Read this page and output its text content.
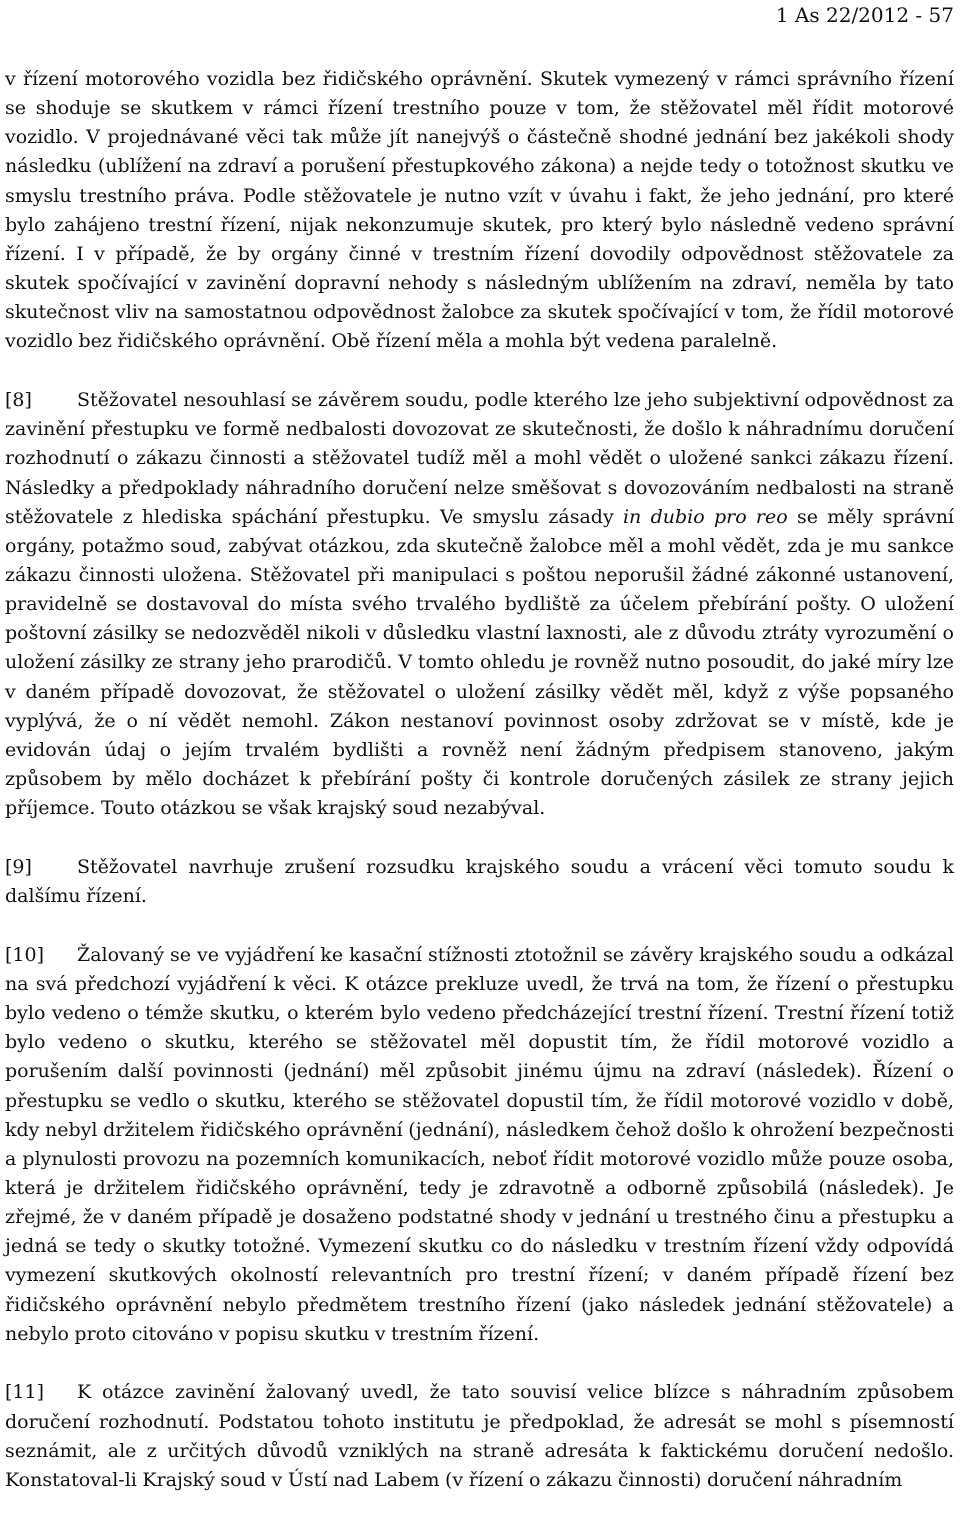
1 As 22/2012 - 57

v řízení motorového vozidla bez řidičského oprávnění. Skutek vymezený v rámci správního řízení se shoduje se skutkem v rámci řízení trestního pouze v tom, že stěžovatel měl řídit motorové vozidlo. V projednávané věci tak může jít nanejvýš o částečně shodné jednání bez jakékoli shody následku (ublížení na zdraví a porušení přestupkového zákona) a nejde tedy o totožnost skutku ve smyslu trestního práva. Podle stěžovatele je nutno vzít v úvahu i fakt, že jeho jednání, pro které bylo zahájeno trestní řízení, nijak nekonzumuje skutek, pro který bylo následně vedeno správní řízení. I v případě, že by orgány činné v trestním řízení dovodily odpovědnost stěžovatele za skutek spočívající v zavinění dopravní nehody s následným ublížením na zdraví, neměla by tato skutečnost vliv na samostatnou odpovědnost žalobce za skutek spočívající v tom, že řídil motorové vozidlo bez řidičského oprávnění. Obě řízení měla a mohla být vedena paralelně.

[8] Stěžovatel nesouhlasí se závěrem soudu, podle kterého lze jeho subjektivní odpovědnost za zavinění přestupku ve formě nedbalosti dovozovat ze skutečnosti, že došlo k náhradnímu doručení rozhodnutí o zákazu činnosti a stěžovatel tudíž měl a mohl vědět o uložené sankci zákazu řízení. Následky a předpoklady náhradního doručení nelze směšovat s dovozováním nedbalosti na straně stěžovatele z hlediska spáchání přestupku. Ve smyslu zásady in dubio pro reo se měly správní orgány, potažmo soud, zabývat otázkou, zda skutečně žalobce měl a mohl vědět, zda je mu sankce zákazu činnosti uložena. Stěžovatel při manipulaci s poštou neporušil žádné zákonné ustanovení, pravidelně se dostavoval do místa svého trvalého bydliště za účelem přebírání pošty. O uložení poštovní zásilky se nedozvěděl nikoli v důsledku vlastní laxnosti, ale z důvodu ztráty vyrozumění o uložení zásilky ze strany jeho prarodičů. V tomto ohledu je rovněž nutno posoudit, do jaké míry lze v daném případě dovozovat, že stěžovatel o uložení zásilky vědět měl, když z výše popsaného vyplývá, že o ní vědět nemohl. Zákon nestanoví povinnost osoby zdržovat se v místě, kde je evidován údaj o jejím trvalém bydlišti a rovněž není žádným předpisem stanoveno, jakým způsobem by mělo docházet k přebírání pošty či kontrole doručených zásilek ze strany jejich příjemce. Touto otázkou se však krajský soud nezabýval.

[9] Stěžovatel navrhuje zrušení rozsudku krajského soudu a vrácení věci tomuto soudu k dalšímu řízení.

[10] Žalovaný se ve vyjádření ke kasační stížnosti ztotožnil se závěry krajského soudu a odkázal na svá předchozí vyjádření k věci. K otázce prekluze uvedl, že trvá na tom, že řízení o přestupku bylo vedeno o témže skutku, o kterém bylo vedeno předcházející trestní řízení. Trestní řízení totiž bylo vedeno o skutku, kterého se stěžovatel měl dopustit tím, že řídil motorové vozidlo a porušením další povinnosti (jednání) měl způsobit jinému újmu na zdraví (následek). Řízení o přestupku se vedlo o skutku, kterého se stěžovatel dopustil tím, že řídil motorové vozidlo v době, kdy nebyl držitelem řidičského oprávnění (jednání), následkem čehož došlo k ohrožení bezpečnosti a plynulosti provozu na pozemních komunikacích, neboť řídit motorové vozidlo může pouze osoba, která je držitelem řidičského oprávnění, tedy je zdravotně a odborně způsobilá (následek). Je zřejmé, že v daném případě je dosaženo podstatné shody v jednání u trestného činu a přestupku a jedná se tedy o skutky totožné. Vymezení skutku co do následku v trestním řízení vždy odpovídá vymezení skutkových okolností relevantních pro trestní řízení; v daném případě řízení bez řidičského oprávnění nebylo předmětem trestního řízení (jako následek jednání stěžovatele) a nebylo proto citováno v popisu skutku v trestním řízení.

[11] K otázce zavinění žalovaný uvedl, že tato souvisí velice blízce s náhradním způsobem doručení rozhodnutí. Podstatou tohoto institutu je předpoklad, že adresát se mohl s písemností seznámit, ale z určitých důvodů vzniklých na straně adresáta k faktickému doručení nedošlo. Konstatoval-li Krajský soud v Ústí nad Labem (v řízení o zákazu činnosti) doručení náhradním
